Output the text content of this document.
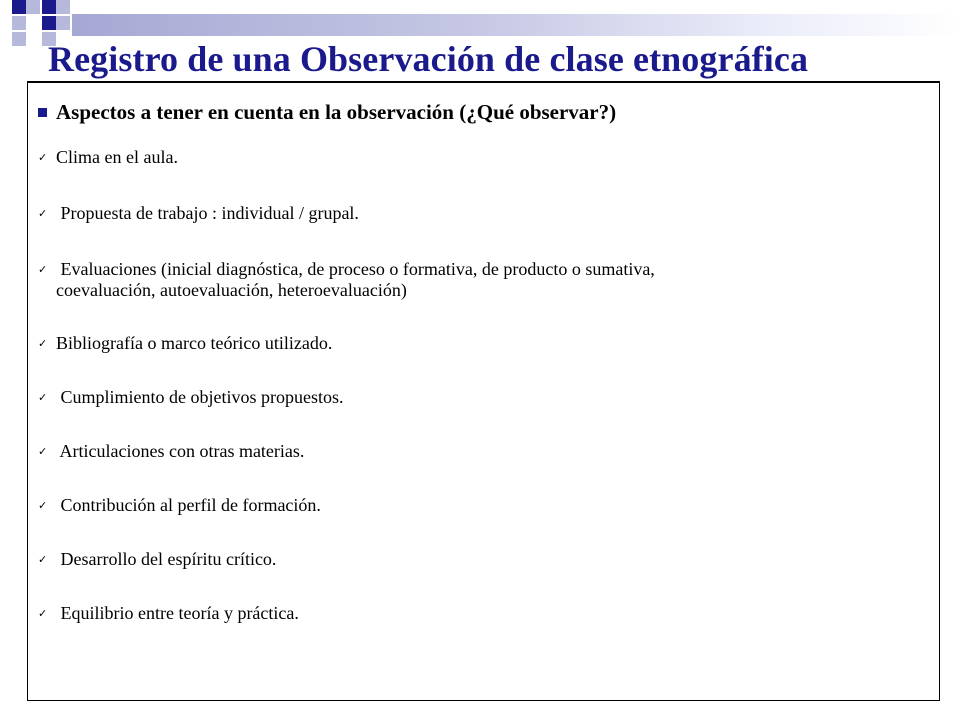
Registro de una Observación de clase etnográfica
Aspectos a tener en cuenta en la observación (¿Qué observar?)
✓ Clima en el aula.
✓ Propuesta de trabajo : individual / grupal.
✓ Evaluaciones (inicial diagnóstica, de proceso o formativa, de producto o sumativa,
coevaluación, autoevaluación, heteroevaluación)
✓ Bibliografía o marco teórico utilizado.
✓ Cumplimiento de objetivos propuestos.
✓ Articulaciones con otras materias.
✓ Contribución al perfil de formación.
✓ Desarrollo del espíritu crítico.
✓ Equilibrio entre teoría y práctica.
